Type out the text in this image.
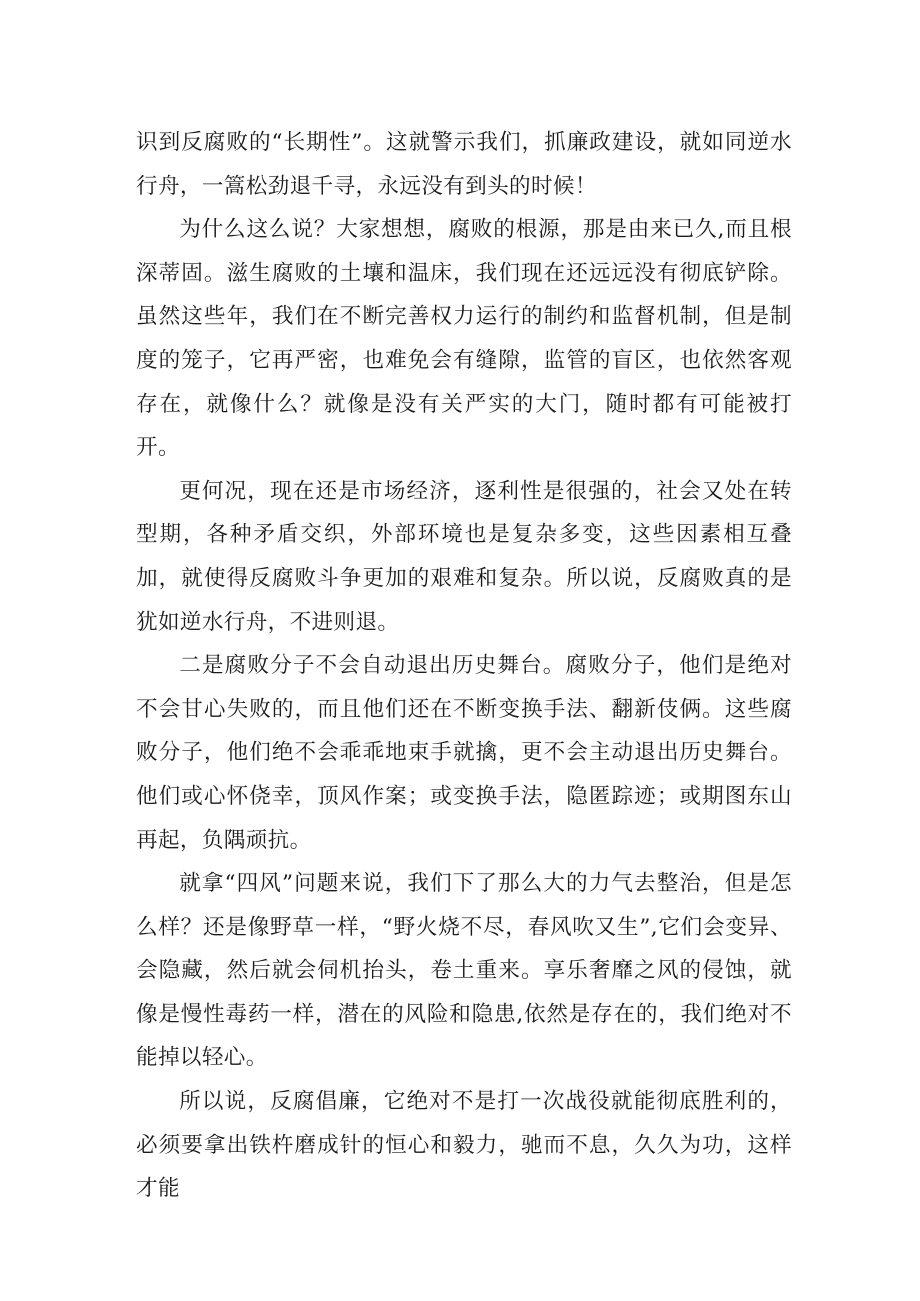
识到反腐败的“长期性”。这就警示我们，抓廉政建设，就如同逆水行舟，一篙松劲退千寻，永远没有到头的时候！

为什么这么说？大家想想，腐败的根源，那是由来已久,而且根深蒂固。滋生腐败的土壤和温床，我们现在还远远没有彻底铲除。虽然这些年，我们在不断完善权力运行的制约和监督机制，但是制度的笼子，它再严密，也难免会有缝隙，监管的盲区，也依然客观存在，就像什么？就像是没有关严实的大门，随时都有可能被打开。

更何况，现在还是市场经济，逐利性是很强的，社会又处在转型期，各种矛盾交织，外部环境也是复杂多变，这些因素相互叠加，就使得反腐败斗争更加的艰难和复杂。所以说，反腐败真的是犹如逆水行舟，不进则退。

二是腐败分子不会自动退出历史舞台。腐败分子，他们是绝对不会甘心失败的，而且他们还在不断变换手法、翻新伎俩。这些腐败分子，他们绝不会乖乖地束手就擒，更不会主动退出历史舞台。他们或心怀侥幸，顶风作案；或变换手法，隐匿踪迹；或期图东山再起，负隅顽抗。

就拿“四风”问题来说，我们下了那么大的力气去整治，但是怎么样？还是像野草一样，“野火烧不尽，春风吹又生”,它们会变异、会隐藏，然后就会伺机抬头，卷土重来。享乐奢靡之风的侵蚀，就像是慢性毒药一样，潜在的风险和隐患,依然是存在的，我们绝对不能掉以轻心。

所以说，反腐倡廉，它绝对不是打一次战役就能彻底胜利的，必须要拿出铁杵磨成针的恒心和毅力，驰而不息，久久为功，这样才能
